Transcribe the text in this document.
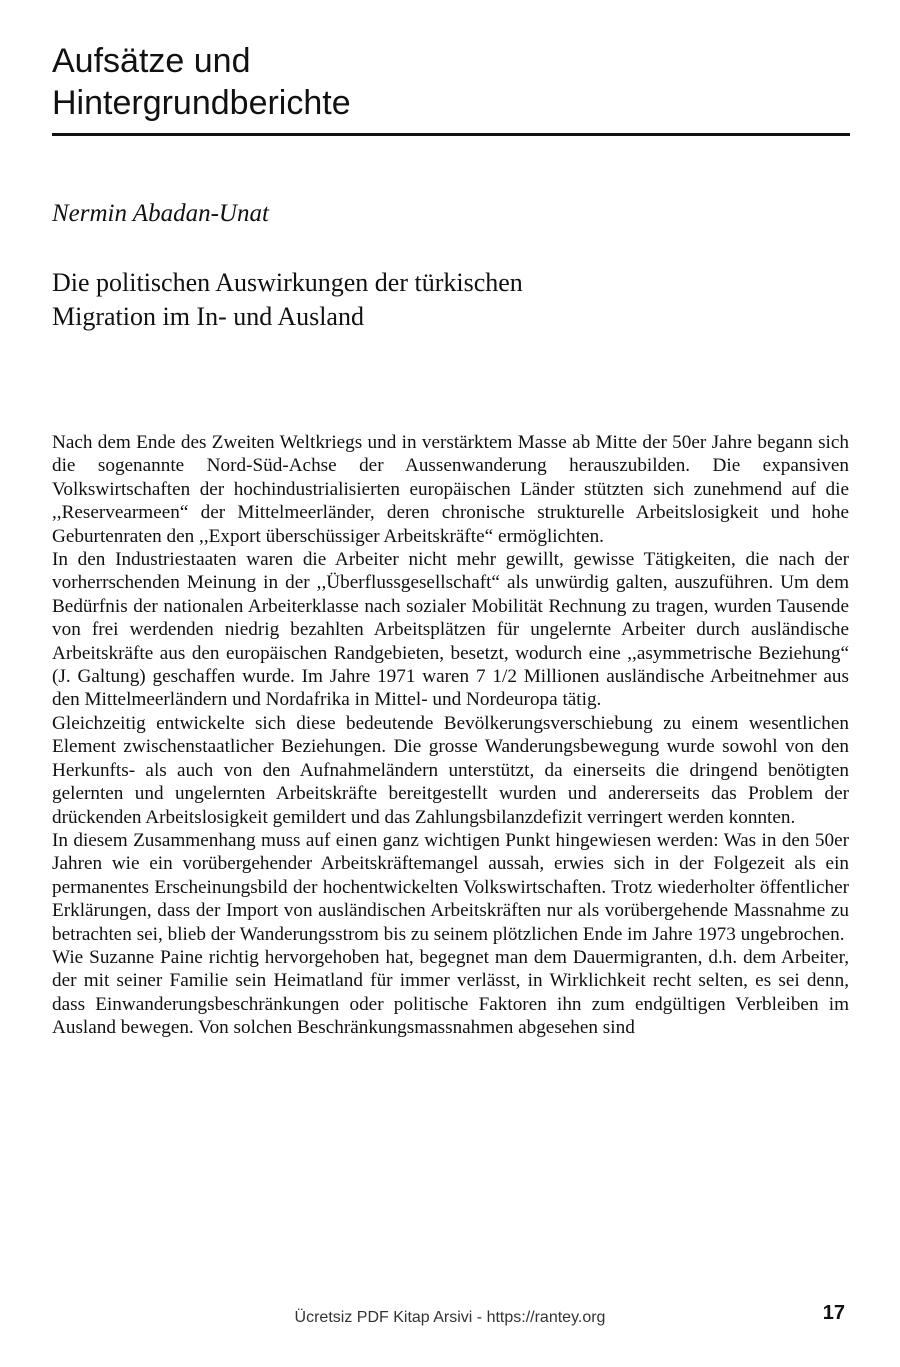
Aufsätze und
Hintergrundberichte
Nermin Abadan-Unat
Die politischen Auswirkungen der türkischen
Migration im In- und Ausland

Nach dem Ende des Zweiten Weltkriegs und in verstärktem Masse ab Mitte der 50er Jahre begann sich die sogenannte Nord-Süd-Achse der Aussenwanderung herauszubilden. Die expansiven Volkswirtschaften der hochindustrialisierten europäischen Länder stützten sich zunehmend auf die ,,Reservearmeen“ der Mittelmeerländer, deren chronische strukturelle Arbeitslosigkeit und hohe Geburtenraten den ,,Export überschüssiger Arbeitskräfte“ ermöglichten.

In den Industriestaaten waren die Arbeiter nicht mehr gewillt, gewisse Tätigkeiten, die nach der vorherrschenden Meinung in der ,,Überflussgesellschaft“ als unwürdig galten, auszuführen. Um dem Bedürfnis der nationalen Arbeiterklasse nach sozialer Mobilität Rechnung zu tragen, wurden Tausende von frei werdenden niedrig bezahlten Arbeitsplätzen für ungelernte Arbeiter durch ausländische Arbeitskräfte aus den europäischen Randgebieten, besetzt, wodurch eine ,,asymmetrische Beziehung“ (J. Galtung) geschaffen wurde. Im Jahre 1971 waren 7 1/2 Millionen ausländische Arbeitnehmer aus den Mittelmeerländern und Nordafrika in Mittel- und Nordeuropa tätig.

Gleichzeitig entwickelte sich diese bedeutende Bevölkerungsverschiebung zu einem wesentlichen Element zwischenstaatlicher Beziehungen. Die grosse Wanderungsbewegung wurde sowohl von den Herkunfts- als auch von den Aufnahmeländern unterstützt, da einerseits die dringend benötigten gelernten und ungelernten Arbeitskräfte bereitgestellt wurden und andererseits das Problem der drückenden Arbeitslosigkeit gemildert und das Zahlungsbilanzdefizit verringert werden konnten.

In diesem Zusammenhang muss auf einen ganz wichtigen Punkt hingewiesen werden: Was in den 50er Jahren wie ein vorübergehender Arbeitskräftemangel aussah, erwies sich in der Folgezeit als ein permanentes Erscheinungsbild der hochentwickelten Volkswirtschaften. Trotz wiederholter öffentlicher Erklärungen, dass der Import von ausländischen Arbeitskräften nur als vorübergehende Massnahme zu betrachten sei, blieb der Wanderungsstrom bis zu seinem plötzlichen Ende im Jahre 1973 ungebrochen.

Wie Suzanne Paine richtig hervorgehoben hat, begegnet man dem Dauermigranten, d.h. dem Arbeiter, der mit seiner Familie sein Heimatland für immer verlässt, in Wirklichkeit recht selten, es sei denn, dass Einwanderungsbeschränkungen oder politische Faktoren ihn zum endgültigen Verbleiben im Ausland bewegen. Von solchen Beschränkungsmassnahmen abgesehen sind

Ücretsiz PDF Kitap Arsivi - https://rantey.org	17
